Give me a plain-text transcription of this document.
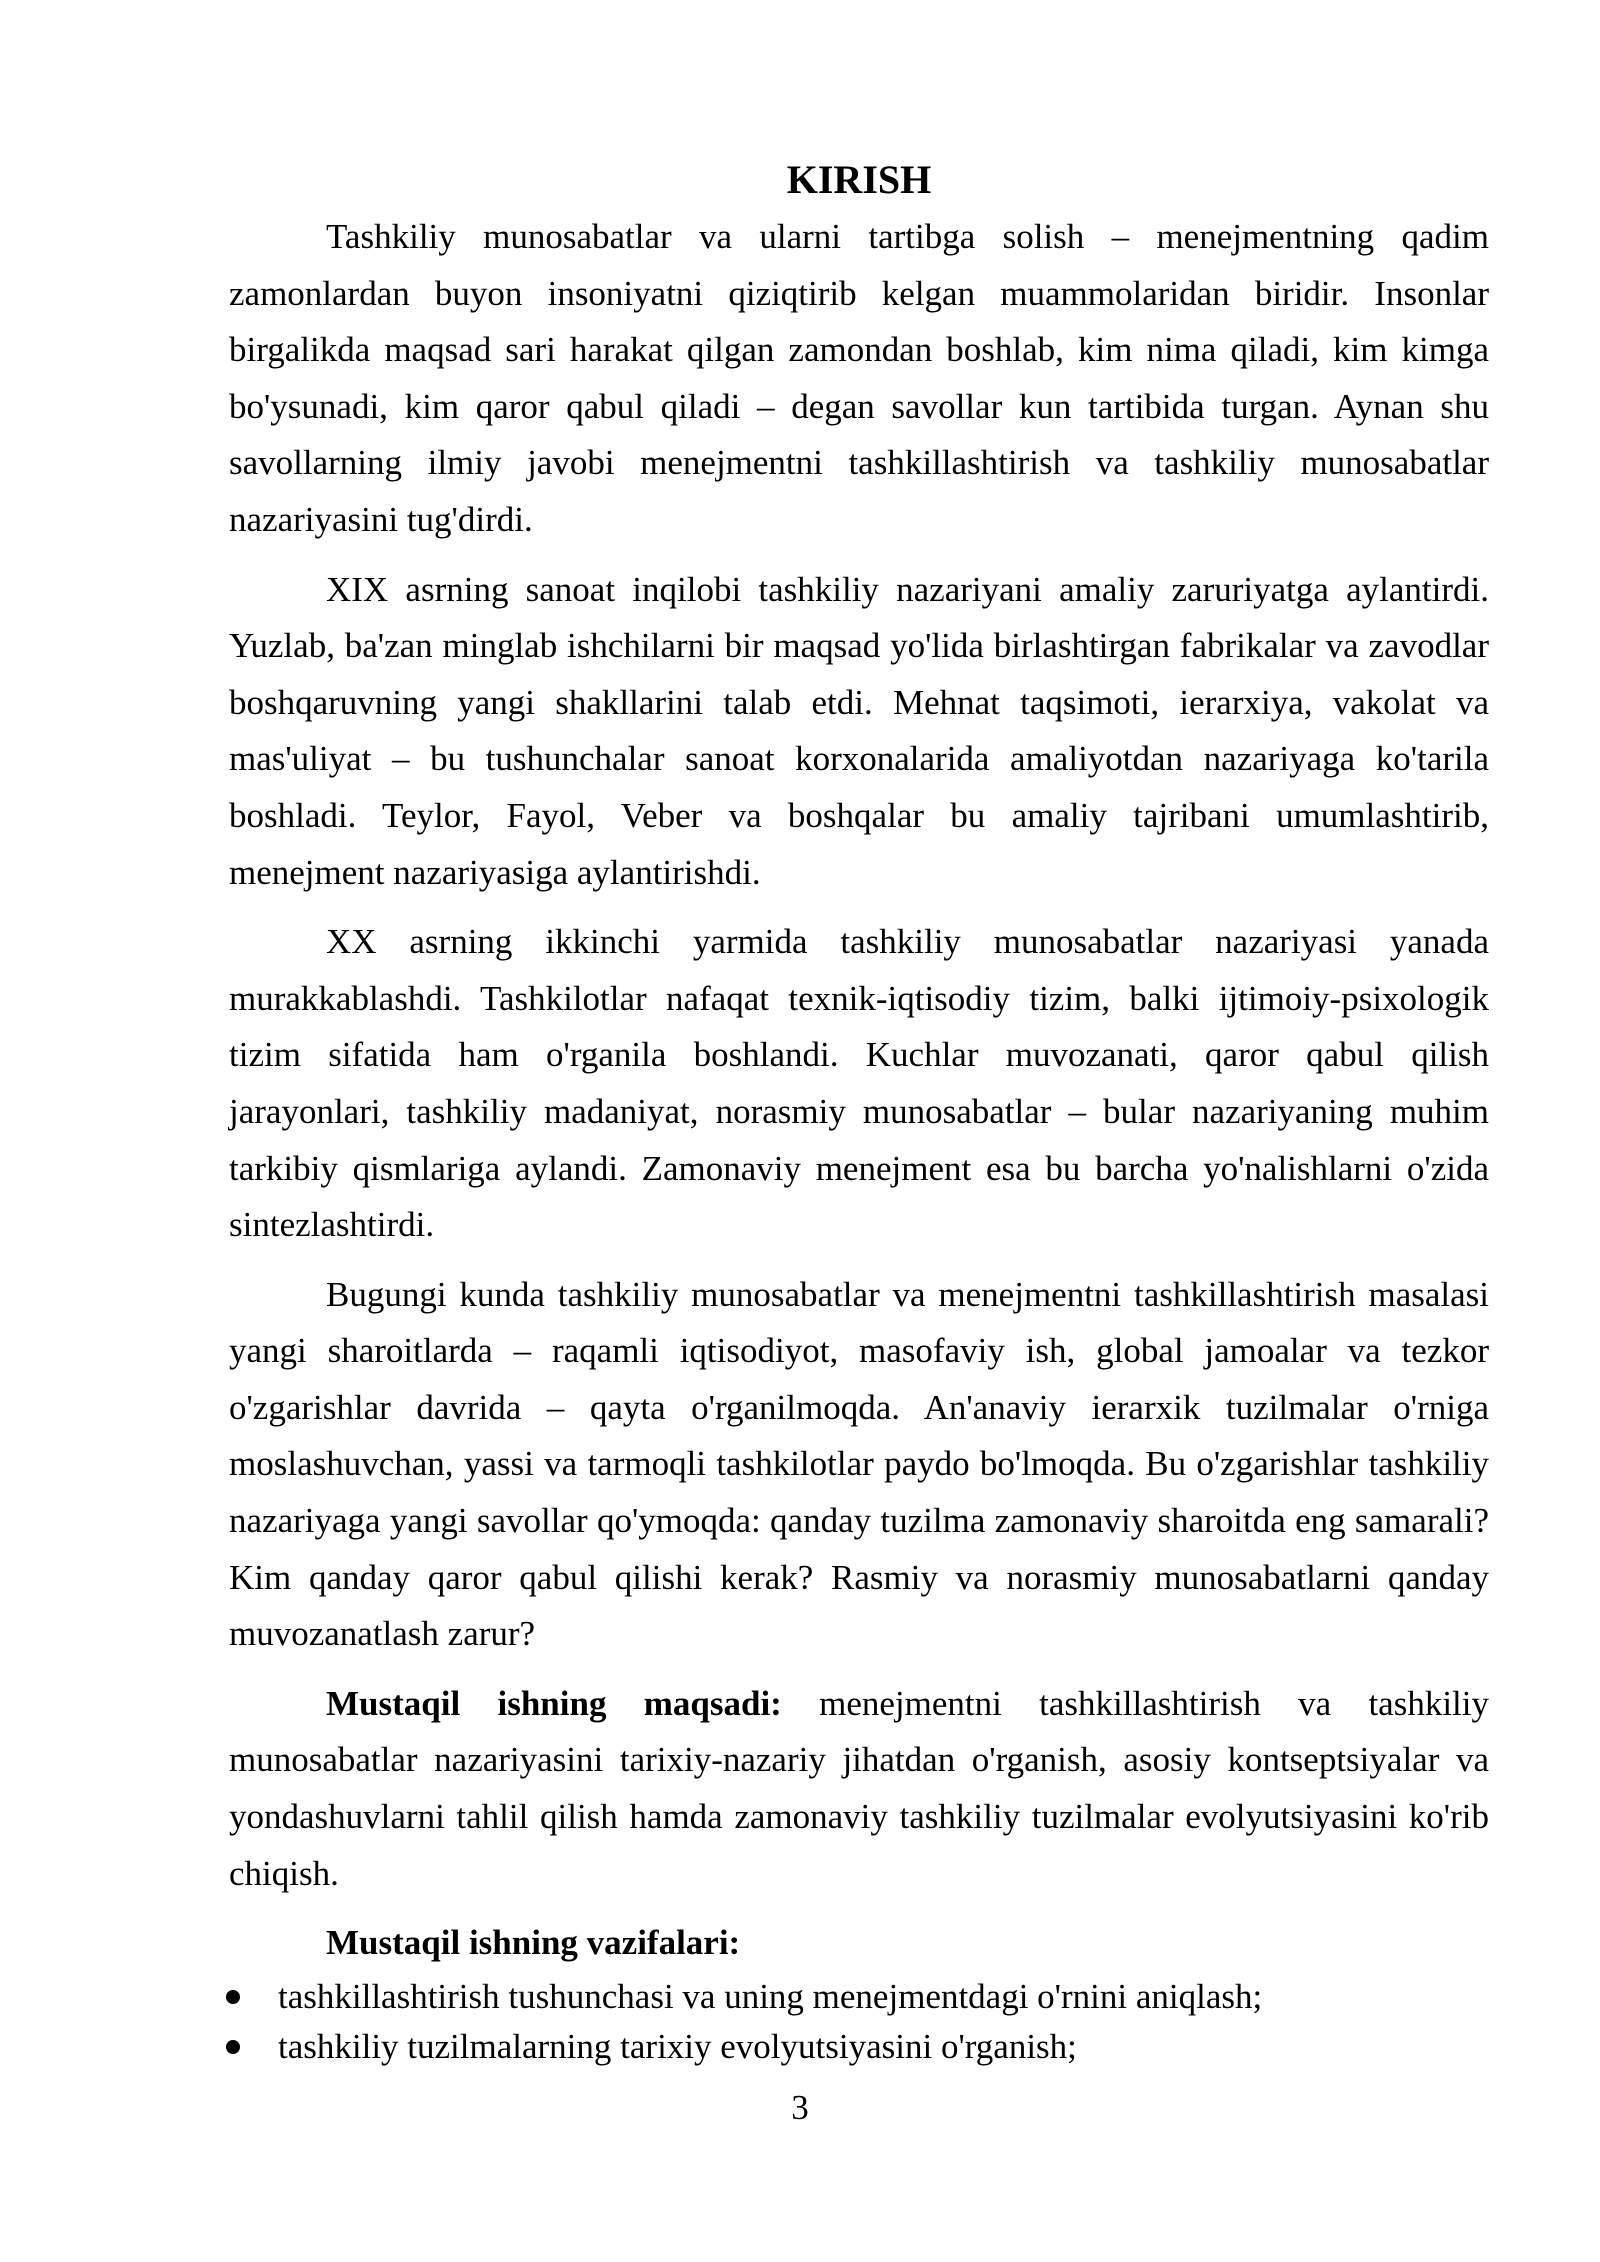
KIRISH

Tashkiliy munosabatlar va ularni tartibga solish – menejmentning qadim zamonlardan buyon insoniyatni qiziqtirib kelgan muammolaridan biridir. Insonlar birgalikda maqsad sari harakat qilgan zamondan boshlab, kim nima qiladi, kim kimga bo'ysunadi, kim qaror qabul qiladi – degan savollar kun tartibida turgan. Aynan shu savollarning ilmiy javobi menejmentni tashkillashtirish va tashkiliy munosabatlar nazariyasini tug'dirdi.

XIX asrning sanoat inqilobi tashkiliy nazariyani amaliy zaruriyatga aylantirdi. Yuzlab, ba'zan minglab ishchilarni bir maqsad yo'lida birlashtirgan fabrikalar va zavodlar boshqaruvning yangi shakllarini talab etdi. Mehnat taqsimoti, ierarxiya, vakolat va mas'uliyat – bu tushunchalar sanoat korxonalarida amaliyotdan nazariyaga ko'tarila boshladi. Teylor, Fayol, Veber va boshqalar bu amaliy tajribani umumlashtirib, menejment nazariyasiga aylantirishdi.

XX asrning ikkinchi yarmida tashkiliy munosabatlar nazariyasi yanada murakkablashdi. Tashkilotlar nafaqat texnik-iqtisodiy tizim, balki ijtimoiy-psixologik tizim sifatida ham o'rganila boshlandi. Kuchlar muvozanati, qaror qabul qilish jarayonlari, tashkiliy madaniyat, norasmiy munosabatlar – bular nazariyaning muhim tarkibiy qismlariga aylandi. Zamonaviy menejment esa bu barcha yo'nalishlarni o'zida sintezlashtirdi.

Bugungi kunda tashkiliy munosabatlar va menejmentni tashkillashtirish masalasi yangi sharoitlarda – raqamli iqtisodiyot, masofaviy ish, global jamoalar va tezkor o'zgarishlar davrida – qayta o'rganilmoqda. An'anaviy ierarxik tuzilmalar o'rniga moslashuvchan, yassi va tarmoqli tashkilotlar paydo bo'lmoqda. Bu o'zgarishlar tashkiliy nazariyaga yangi savollar qo'ymoqda: qanday tuzilma zamonaviy sharoitda eng samarali? Kim qanday qaror qabul qilishi kerak? Rasmiy va norasmiy munosabatlarni qanday muvozanatlash zarur?

Mustaqil ishning maqsadi: menejmentni tashkillashtirish va tashkiliy munosabatlar nazariyasini tarixiy-nazariy jihatdan o'rganish, asosiy kontseptsiyalar va yondashuvlarni tahlil qilish hamda zamonaviy tashkiliy tuzilmalar evolyutsiyasini ko'rib chiqish.

Mustaqil ishning vazifalari:

tashkillashtirish tushunchasi va uning menejmentdagi o'rnini aniqlash;
tashkiliy tuzilmalarning tarixiy evolyutsiyasini o'rganish;
3
